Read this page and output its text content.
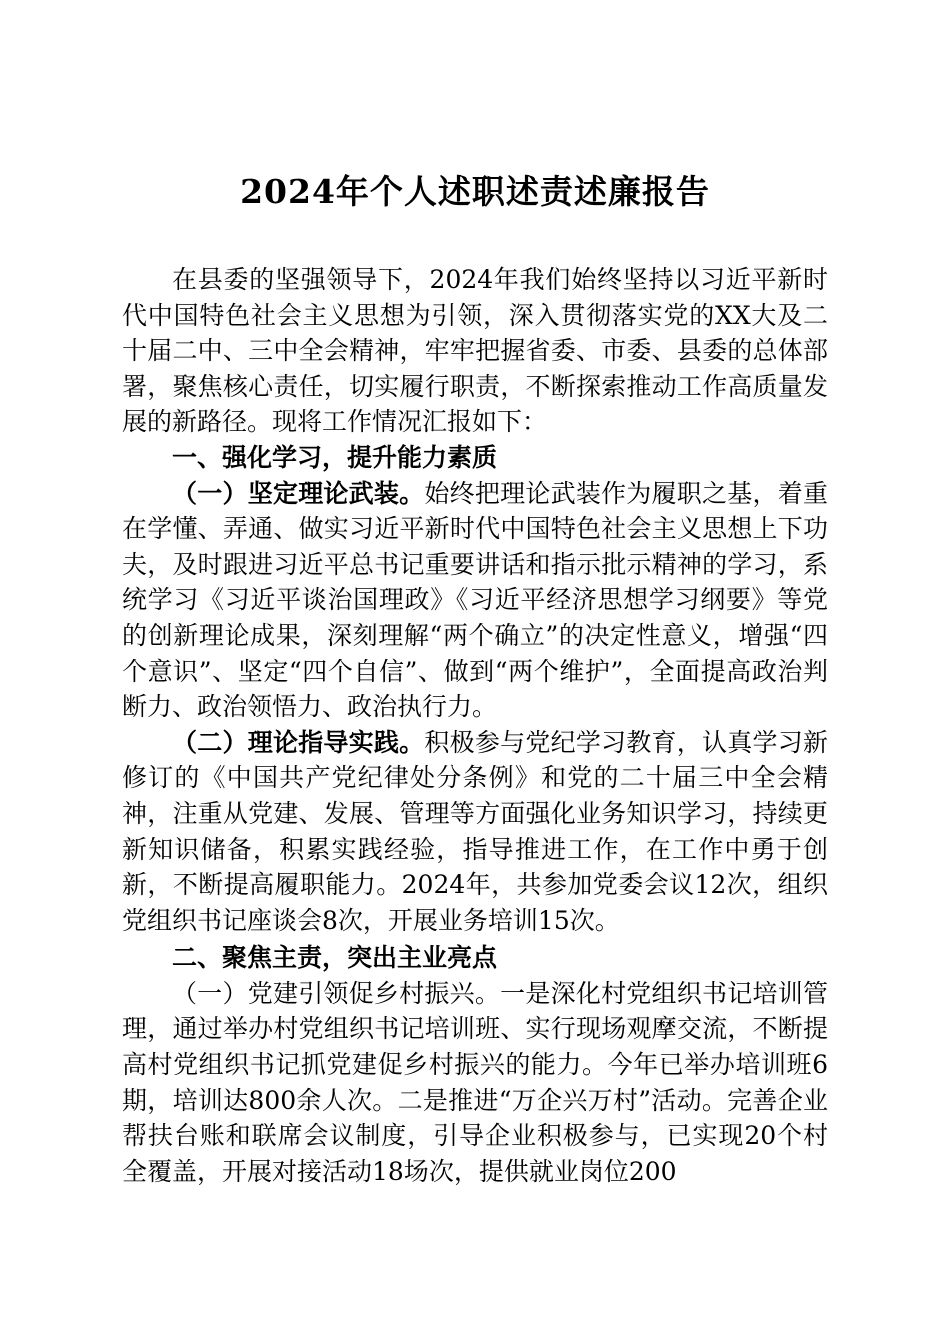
2024年个人述职述责述廉报告

在县委的坚强领导下，2024年我们始终坚持以习近平新时代中国特色社会主义思想为引领，深入贯彻落实党的XX大及二十届二中、三中全会精神，牢牢把握省委、市委、县委的总体部署，聚焦核心责任，切实履行职责，不断探索推动工作高质量发展的新路径。现将工作情况汇报如下：

一、强化学习，提升能力素质

（一）坚定理论武装。始终把理论武装作为履职之基，着重在学懂、弄通、做实习近平新时代中国特色社会主义思想上下功夫，及时跟进习近平总书记重要讲话和指示批示精神的学习，系统学习《习近平谈治国理政》《习近平经济思想学习纲要》等党的创新理论成果，深刻理解“两个确立”的决定性意义，增强“四个意识”、坚定“四个自信”、做到“两个维护”，全面提高政治判断力、政治领悟力、政治执行力。

（二）理论指导实践。积极参与党纪学习教育，认真学习新修订的《中国共产党纪律处分条例》和党的二十届三中全会精神，注重从党建、发展、管理等方面强化业务知识学习，持续更新知识储备，积累实践经验，指导推进工作，在工作中勇于创新，不断提高履职能力。2024年，共参加党委会议12次，组织党组织书记座谈会8次，开展业务培训15次。

二、聚焦主责，突出主业亮点

（一）党建引领促乡村振兴。一是深化村党组织书记培训管理，通过举办村党组织书记培训班、实行现场观摩交流，不断提高村党组织书记抓党建促乡村振兴的能力。今年已举办培训班6期，培训达800余人次。二是推进“万企兴万村”活动。完善企业帮扶台账和联席会议制度，引导企业积极参与，已实现20个村全覆盖，开展对接活动18场次，提供就业岗位200
